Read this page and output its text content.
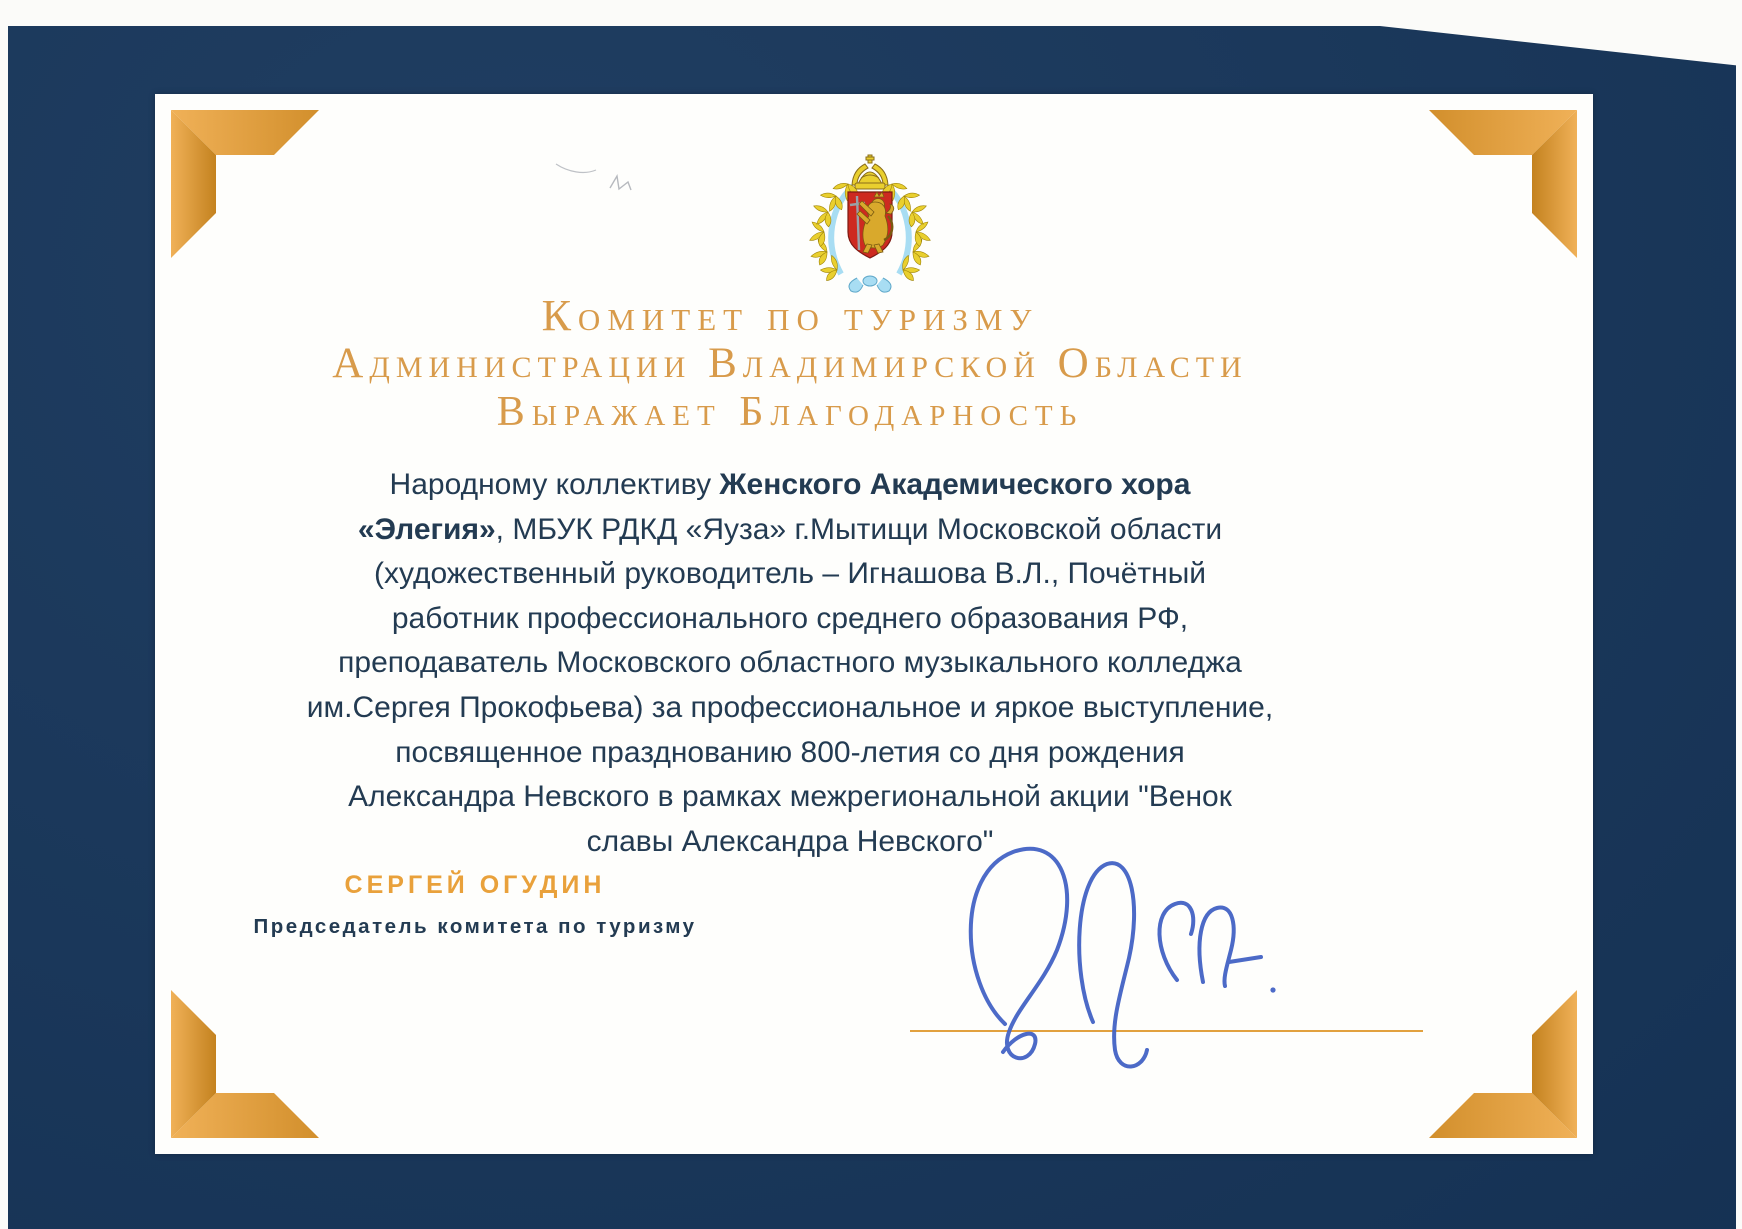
Комитет по туризму
Администрации Владимирской Области
Выражает Благодарность
Народному коллективу Женского Академического хора
«Элегия», МБУК РДКД «Яуза» г.Мытищи Московской области
(художественный руководитель – Игнашова В.Л., Почётный
работник профессионального среднего образования РФ,
преподаватель Московского областного музыкального колледжа
им.Сергея Прокофьева) за профессиональное и яркое выступление,
посвященное празднованию 800-летия со дня рождения
Александра Невского в рамках межрегиональной акции "Венок
славы Александра Невского"
СЕРГЕЙ ОГУДИН
Председатель комитета по туризму
